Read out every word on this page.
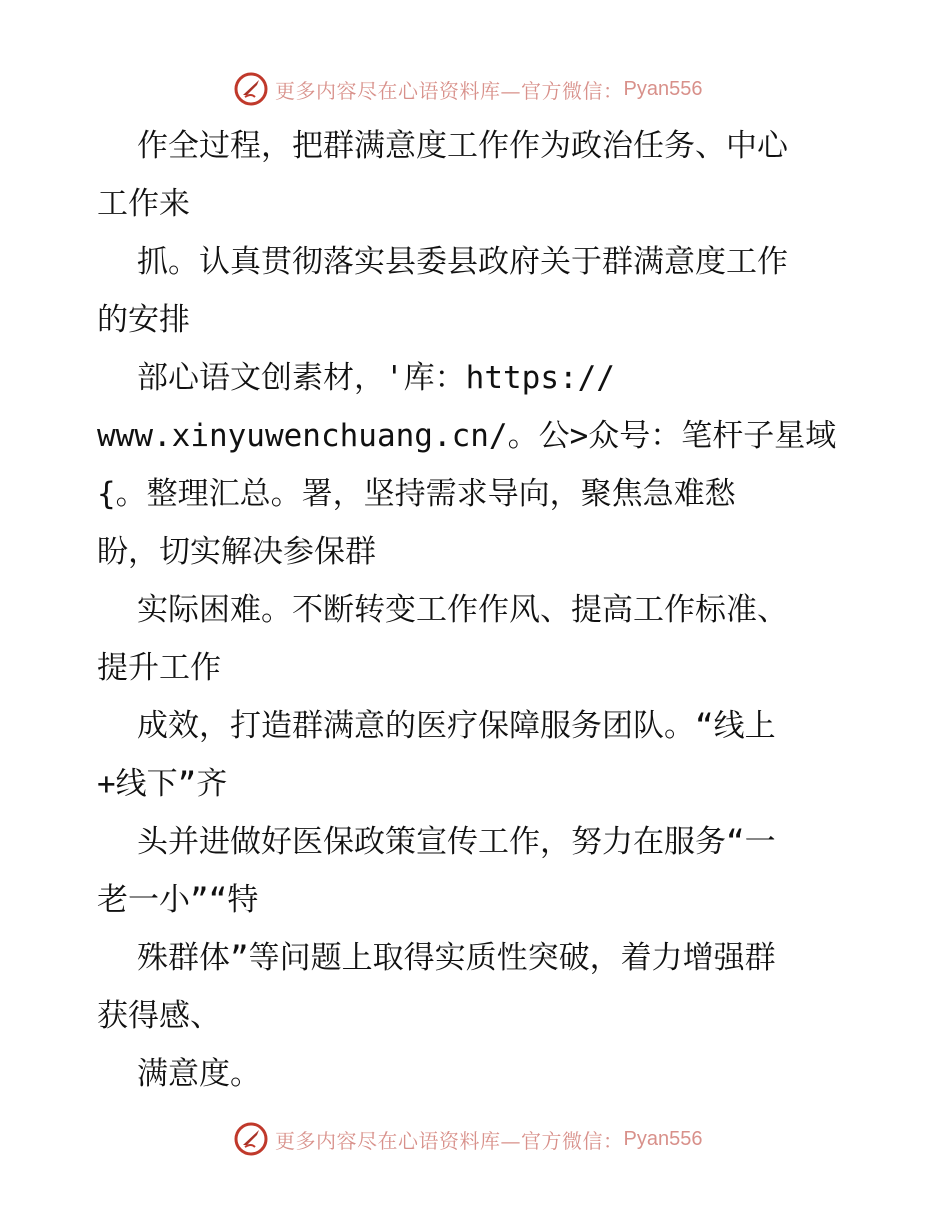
更多内容尽在心语资料库—官方微信： Pyan556
作全过程，把群满意度工作作为政治任务、中心
工作来
抓。认真贯彻落实县委县政府关于群满意度工作
的安排
部心语文创素材，'库：https://
www.xinyuwenchuang.cn/。公>众号：笔杆子星域
{。整理汇总。署，坚持需求导向，聚焦急难愁
盼，切实解决参保群
实际困难。不断转变工作作风、提高工作标准、
提升工作
成效，打造群满意的医疗保障服务团队。“线上
+线下”齐
头并进做好医保政策宣传工作，努力在服务“一
老一小”“特
殊群体”等问题上取得实质性突破，着力增强群
获得感、
满意度。
更多内容尽在心语资料库—官方微信： Pyan556
